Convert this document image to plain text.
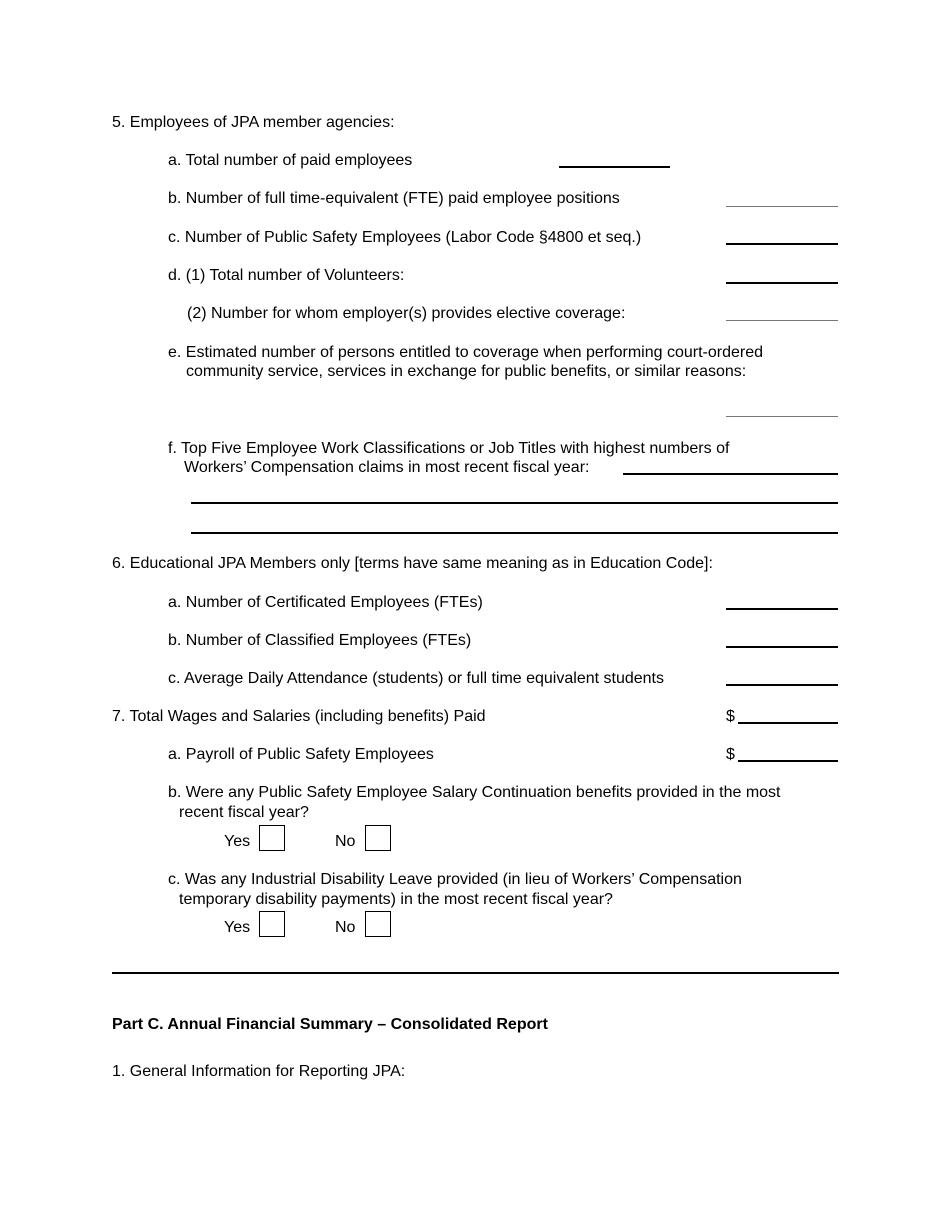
5. Employees of JPA member agencies:
a. Total number of paid employees
b. Number of full time-equivalent (FTE) paid employee positions
c. Number of Public Safety Employees (Labor Code §4800 et seq.)
d. (1) Total number of Volunteers:
(2) Number for whom employer(s) provides elective coverage:
e. Estimated number of persons entitled to coverage when performing court-ordered
community service, services in exchange for public benefits, or similar reasons:
f. Top Five Employee Work Classifications or Job Titles with highest numbers of
Workers’ Compensation claims in most recent fiscal year:
6. Educational JPA Members only [terms have same meaning as in Education Code]:
a. Number of Certificated Employees (FTEs)
b. Number of Classified Employees (FTEs)
c. Average Daily Attendance (students) or full time equivalent students
7. Total Wages and Salaries (including benefits) Paid	$
a. Payroll of Public Safety Employees	$
b. Were any Public Safety Employee Salary Continuation benefits provided in the most
recent fiscal year?
Yes	No
c. Was any Industrial Disability Leave provided (in lieu of Workers’ Compensation
temporary disability payments) in the most recent fiscal year?
Yes	No
Part C. Annual Financial Summary – Consolidated Report
1. General Information for Reporting JPA:
